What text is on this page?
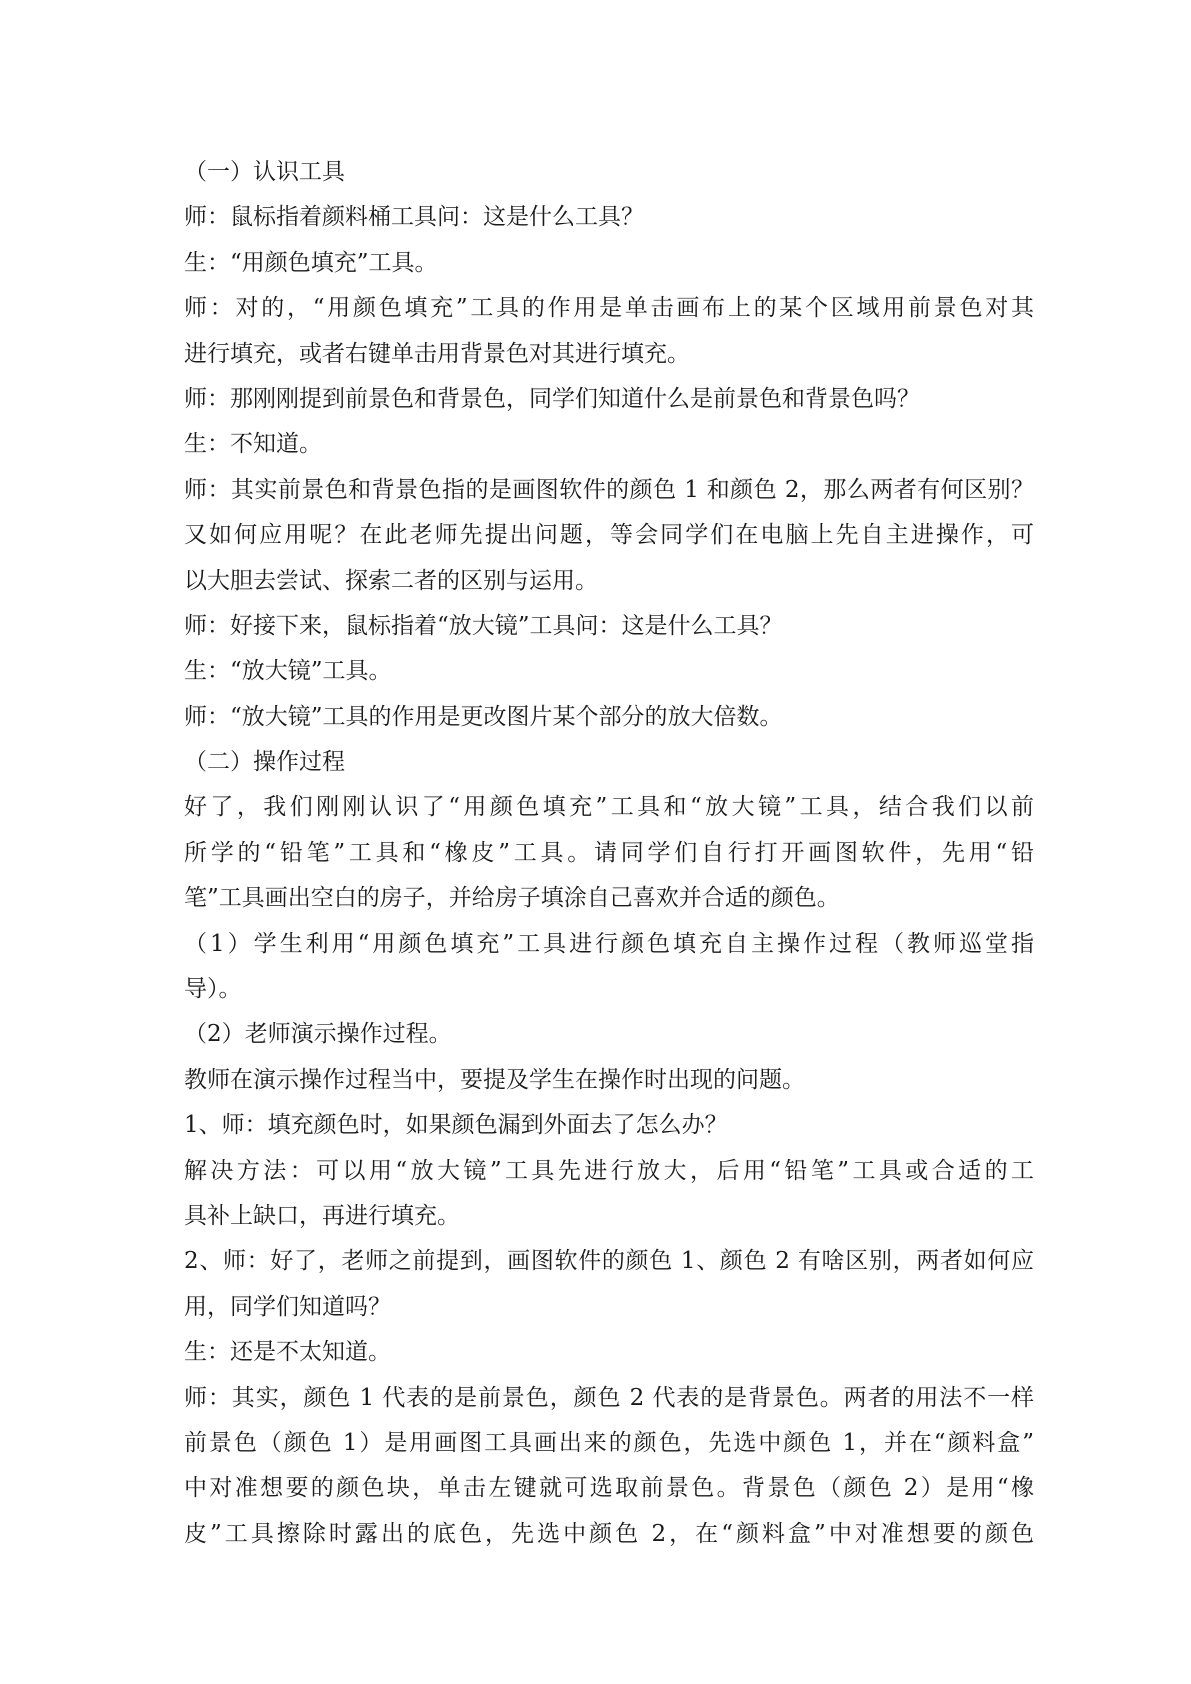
（一）认识工具
师：鼠标指着颜料桶工具问：这是什么工具？
生：“用颜色填充”工具。
师：对的，“用颜色填充”工具的作用是单击画布上的某个区域用前景色对其
进行填充，或者右键单击用背景色对其进行填充。
师：那刚刚提到前景色和背景色，同学们知道什么是前景色和背景色吗？
生：不知道。
师：其实前景色和背景色指的是画图软件的颜色 1 和颜色 2，那么两者有何区别？
又如何应用呢？在此老师先提出问题，等会同学们在电脑上先自主进操作，可
以大胆去尝试、探索二者的区别与运用。
师：好接下来，鼠标指着“放大镜”工具问：这是什么工具？
生：“放大镜”工具。
师：“放大镜”工具的作用是更改图片某个部分的放大倍数。
（二）操作过程
好了，我们刚刚认识了“用颜色填充”工具和“放大镜”工具，结合我们以前
所学的“铅笔”工具和“橡皮”工具。请同学们自行打开画图软件，先用“铅
笔”工具画出空白的房子，并给房子填涂自己喜欢并合适的颜色。
（1）学生利用“用颜色填充”工具进行颜色填充自主操作过程（教师巡堂指
导）。
（2）老师演示操作过程。
教师在演示操作过程当中，要提及学生在操作时出现的问题。
1、师：填充颜色时，如果颜色漏到外面去了怎么办？
解决方法：可以用“放大镜”工具先进行放大，后用“铅笔”工具或合适的工
具补上缺口，再进行填充。
2、师：好了，老师之前提到，画图软件的颜色 1、颜色 2 有啥区别，两者如何应
用，同学们知道吗？
生：还是不太知道。
师：其实，颜色 1 代表的是前景色，颜色 2 代表的是背景色。两者的用法不一样
前景色（颜色 1）是用画图工具画出来的颜色，先选中颜色 1，并在“颜料盒”
中对准想要的颜色块，单击左键就可选取前景色。背景色（颜色 2）是用“橡
皮”工具擦除时露出的底色，先选中颜色 2，在“颜料盒”中对准想要的颜色
